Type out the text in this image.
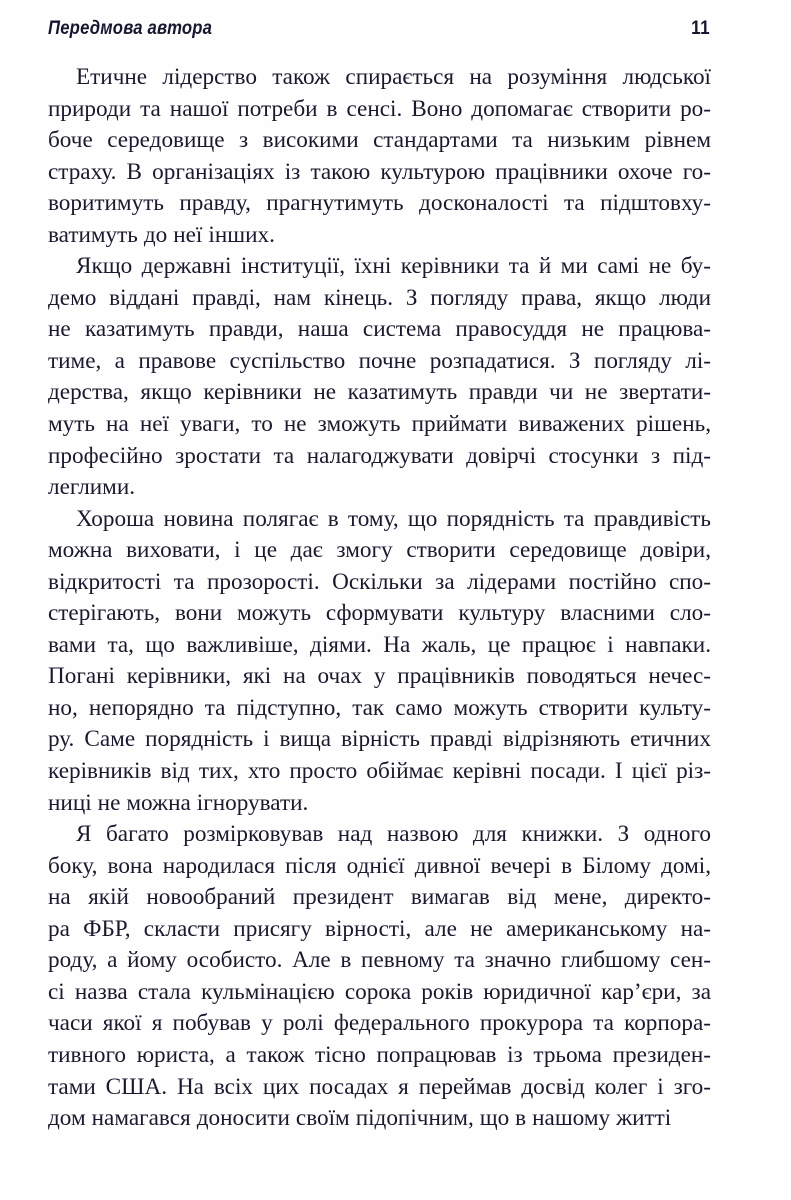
Передмова автора	11

Етичне лідерство також спирається на розуміння людської
природи та нашої потреби в сенсі. Воно допомагає створити ро-
боче середовище з високими стандартами та низьким рівнем
страху. В організаціях із такою культурою працівники охоче го-
воритимуть правду, прагнутимуть досконалості та підштовху-
ватимуть до неї інших.

Якщо державні інституції, їхні керівники та й ми самі не бу-
демо віддані правді, нам кінець. З погляду права, якщо люди
не казатимуть правди, наша система правосуддя не працюва-
тиме, а правове суспільство почне розпадатися. З погляду лі-
дерства, якщо керівники не казатимуть правди чи не звертати-
муть на неї уваги, то не зможуть приймати виважених рішень,
професійно зростати та налагоджувати довірчі стосунки з під-
леглими.

Хороша новина полягає в тому, що порядність та правдивість
можна виховати, і це дає змогу створити середовище довіри,
відкритості та прозорості. Оскільки за лідерами постійно спо-
стерігають, вони можуть сформувати культуру власними сло-
вами та, що важливіше, діями. На жаль, це працює і навпаки.
Погані керівники, які на очах у працівників поводяться нечес-
но, непорядно та підступно, так само можуть створити культу-
ру. Саме порядність і вища вірність правді відрізняють етичних
керівників від тих, хто просто обіймає керівні посади. І цієї різ-
ниці не можна ігнорувати.

Я багато розмірковував над назвою для книжки. З одного
боку, вона народилася після однієї дивної вечері в Білому домі,
на якій новообраний президент вимагав від мене, директо-
ра ФБР, скласти присягу вірності, але не американському на-
роду, а йому особисто. Але в певному та значно глибшому сен-
сі назва стала кульмінацією сорока років юридичної кар’єри, за
часи якої я побував у ролі федерального прокурора та корпора-
тивного юриста, а також тісно попрацював із трьома президен-
тами США. На всіх цих посадах я переймав досвід колег і зго-
дом намагався доносити своїм підопічним, що в нашому житті
